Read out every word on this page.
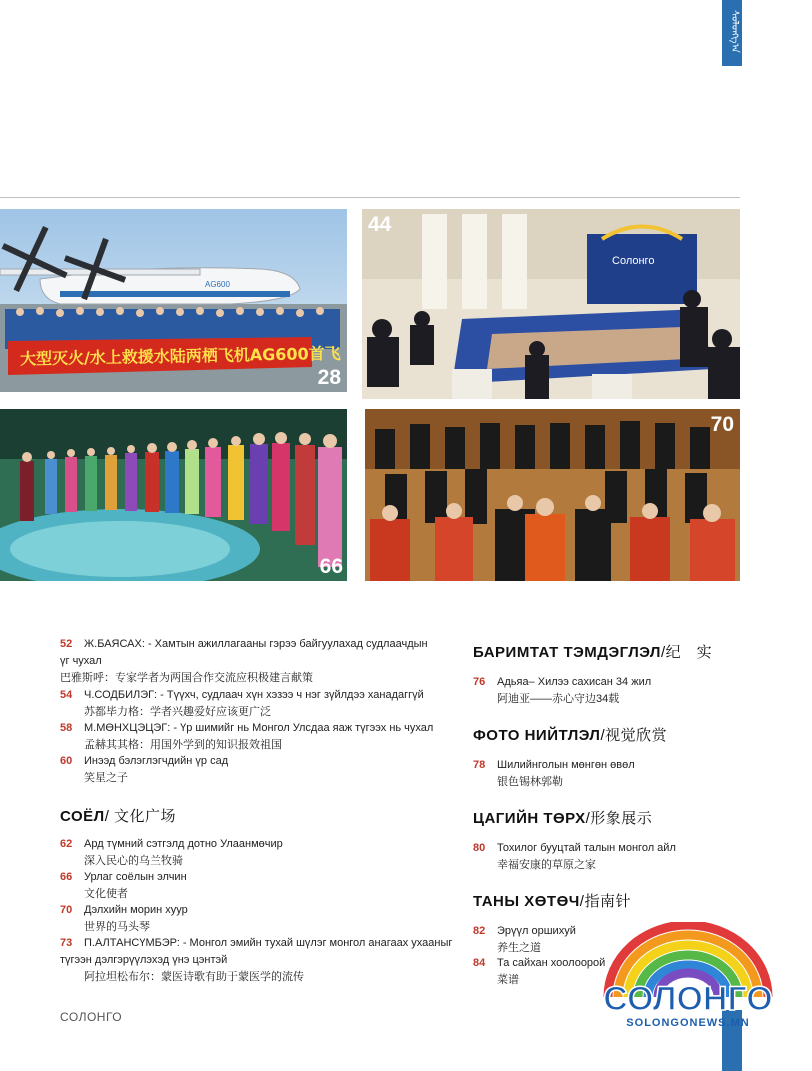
ᠰᠣᠯᠣᠩᠭ᠎ᠠ
AG600
大型灭火/水上救援水陆两栖飞机AG600首飞
28
Солонго
44
66
70
52 Ж.БАЯСАХ: - Хамтын ажиллагааны гэрээ байгуулахад судлаачдын
үг чухал
巴雅斯呼：专家学者为两国合作交流应积极建言献策
54 Ч.СОДБИЛЭГ: - Түүхч, судлаач хүн хэзээ ч нэг зүйлдээ ханадаггүй
苏都毕力格：学者兴趣爱好应该更广泛
58 М.МӨНХЦЭЦЭГ: - Үр шимийг нь Монгол Улсдаа яаж түгээх нь чухал
孟赫其其格：用国外学到的知识报效祖国
60 Инээд бэлэглэгчдийн үр сад
笑星之子
СОЁЛ/ 文化广场
62 Ард түмний сэтгэлд дотно Улаанмөчир
深入民心的乌兰牧骑
66 Урлаг соёлын элчин
文化使者
70 Дэлхийн морин хуур
世界的马头琴
73 П.АЛТАНСҮМБЭР: - Монгол эмийн тухай шүлэг монгол анагаах ухааныг
түгээн дэлгэрүүлэхэд үнэ цэнтэй
阿拉坦松布尔：蒙医诗歌有助于蒙医学的流传
БАРИМТАТ ТЭМДЭГЛЭЛ/纪　实
76 Адьяа– Хилээ сахисан 34 жил
阿迪亚——赤心守边34载
ФОТО НИЙТЛЭЛ/视觉欣赏
78 Шилийнголын мөнгөн өвөл
银色锡林郭勒
ЦАГИЙН ТӨРХ/形象展示
80 Тохилог бууцтай талын монгол айл
幸福安康的草原之家
ТАНЫ ХӨТӨЧ/指南针
82 Эрүүл оршихуй
养生之道
84 Та сайхан хоолоорой
菜谱
СОЛОНГО	СОЛОНГО
SOLONGONEWS.MN
